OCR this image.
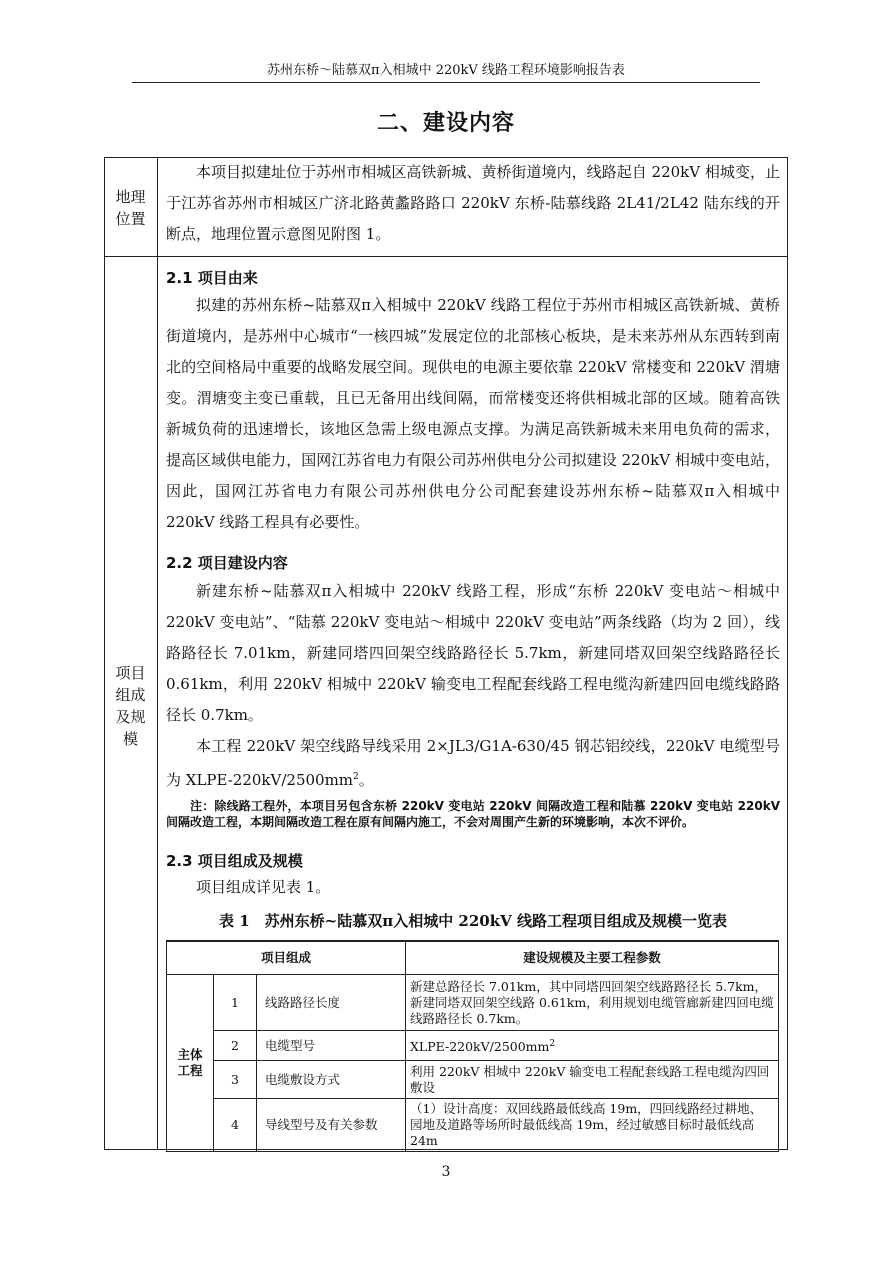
苏州东桥～陆慕双π入相城中 220kV 线路工程环境影响报告表
二、建设内容
地理位置

本项目拟建址位于苏州市相城区高铁新城、黄桥街道境内，线路起自 220kV 相城变，止于江苏省苏州市相城区广济北路黄蠡路路口 220kV 东桥-陆慕线路 2L41/2L42 陆东线的开断点，地理位置示意图见附图 1。

项目组成及规模
2.1 项目由来

拟建的苏州东桥~陆慕双π入相城中 220kV 线路工程位于苏州市相城区高铁新城、黄桥街道境内，是苏州中心城市“一核四城”发展定位的北部核心板块，是未来苏州从东西转到南北的空间格局中重要的战略发展空间。现供电的电源主要依靠 220kV 常楼变和 220kV 渭塘变。渭塘变主变已重载，且已无备用出线间隔，而常楼变还将供相城北部的区域。随着高铁新城负荷的迅速增长，该地区急需上级电源点支撑。为满足高铁新城未来用电负荷的需求，提高区域供电能力，国网江苏省电力有限公司苏州供电分公司拟建设 220kV 相城中变电站，因此，国网江苏省电力有限公司苏州供电分公司配套建设苏州东桥~陆慕双π入相城中 220kV 线路工程具有必要性。

2.2 项目建设内容

新建东桥~陆慕双π入相城中 220kV 线路工程，形成“东桥 220kV 变电站～相城中 220kV 变电站”、“陆慕 220kV 变电站～相城中 220kV 变电站”两条线路（均为 2 回），线路路径长 7.01km，新建同塔四回架空线路路径长 5.7km，新建同塔双回架空线路路径长 0.61km，利用 220kV 相城中 220kV 输变电工程配套线路工程电缆沟新建四回电缆线路路径长 0.7km。

本工程 220kV 架空线路导线采用 2×JL3/G1A-630/45 钢芯铝绞线，220kV 电缆型号为 XLPE-$220kV/2500mm^2$。

注：除线路工程外，本项目另包含东桥 220kV 变电站 220kV 间隔改造工程和陆慕 220kV 变电站 220kV 间隔改造工程，本期间隔改造工程在原有间隔内施工，不会对周围产生新的环境影响，本次不评价。

2.3 项目组成及规模

项目组成详见表 1。

表 1　苏州东桥~陆慕双π入相城中 220kV 线路工程项目组成及规模一览表
项目组成			建设规模及主要工程参数
主体工程	1	线路路径长度	新建总路径长 7.01km，其中同塔四回架空线路路径长 5.7km，新建同塔双回架空线路 0.61km，利用规划电缆管廊新建四回电缆线路路径长 0.7km。
	2	电缆型号	XLPE-$220kV/2500mm^2$
	3	电缆敷设方式	利用 220kV 相城中 220kV 输变电工程配套线路工程电缆沟四回敷设
	4	导线型号及有关参数	（1）设计高度：双回线路最低线高 19m，四回线路经过耕地、园地及道路等场所时最低线高 19m，经过敏感目标时最低线高 24m
3
